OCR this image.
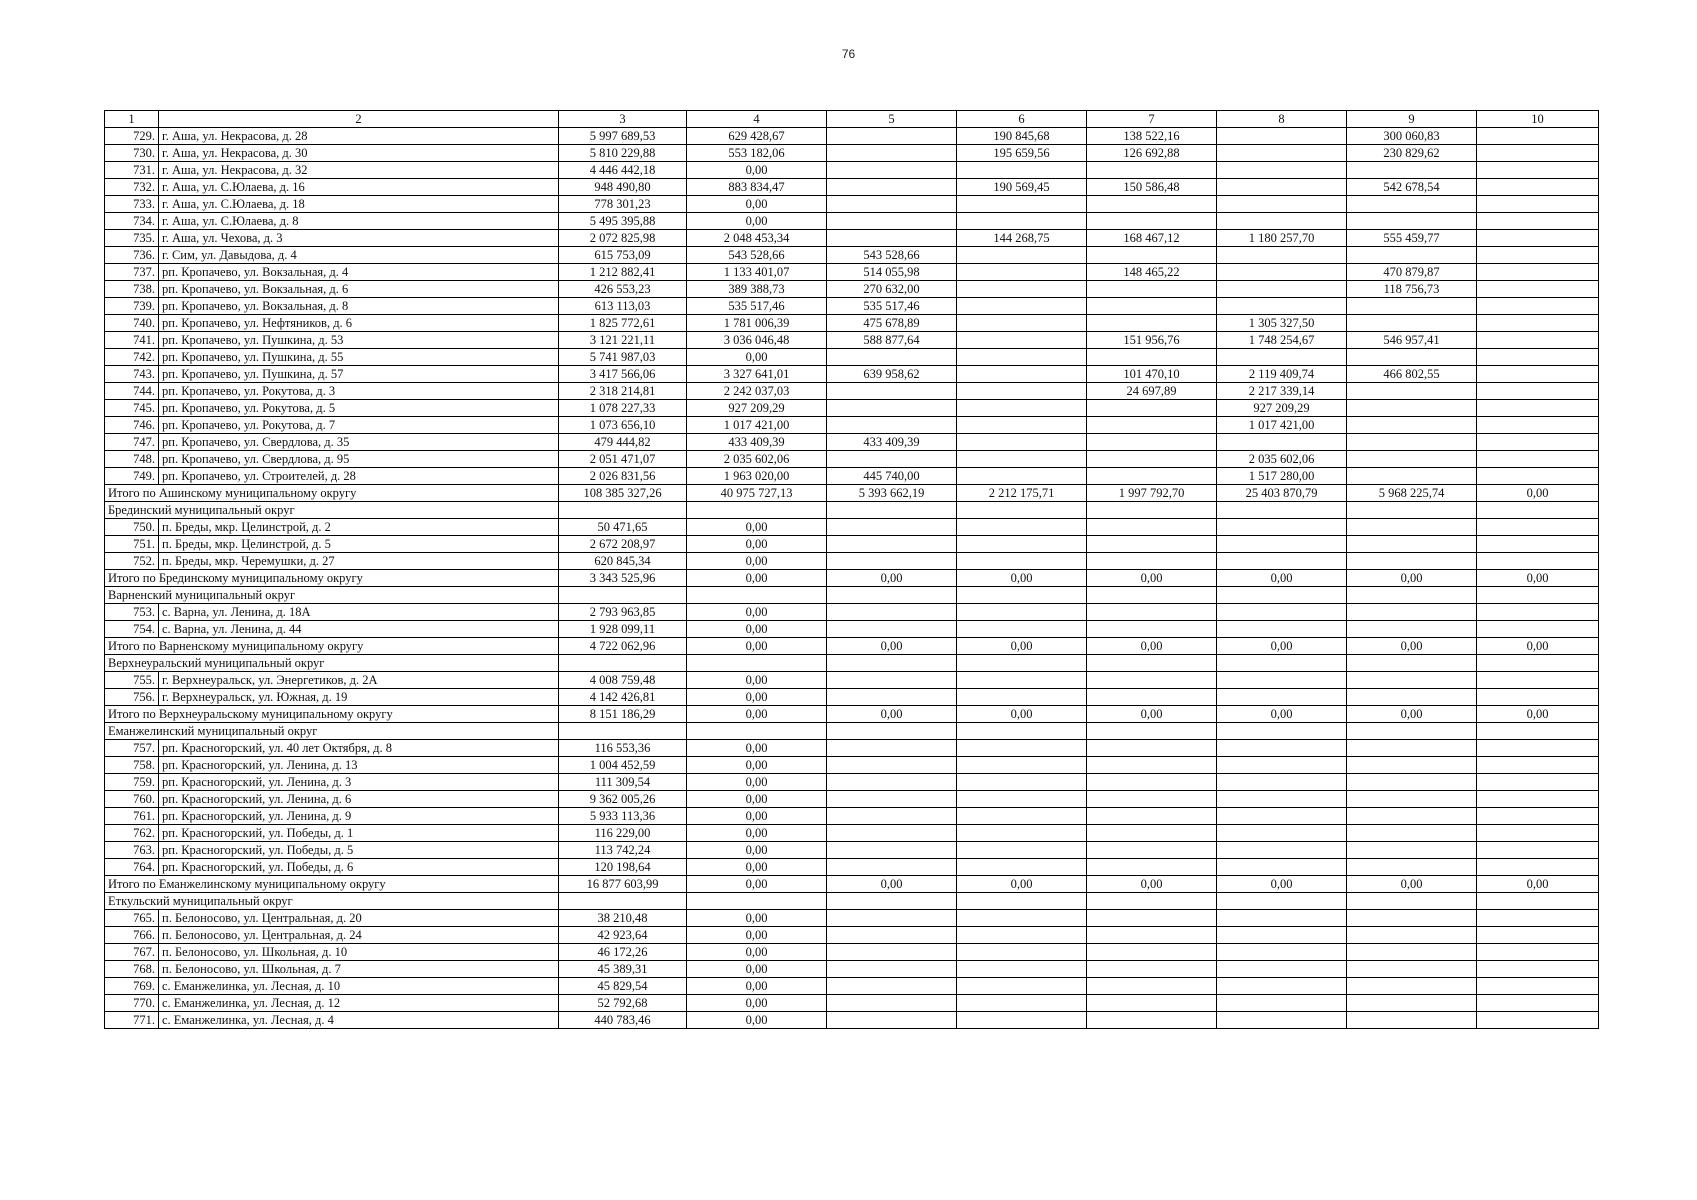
76
1	2	3	4	5	6	7	8	9	10
729.	г. Аша, ул. Некрасова, д. 28	5 997 689,53	629 428,67		190 845,68	138 522,16		300 060,83	
730.	г. Аша, ул. Некрасова, д. 30	5 810 229,88	553 182,06		195 659,56	126 692,88		230 829,62	
731.	г. Аша, ул. Некрасова, д. 32	4 446 442,18	0,00						
732.	г. Аша, ул. С.Юлаева, д. 16	948 490,80	883 834,47		190 569,45	150 586,48		542 678,54	
733.	г. Аша, ул. С.Юлаева, д. 18	778 301,23	0,00						
734.	г. Аша, ул. С.Юлаева, д. 8	5 495 395,88	0,00						
735.	г. Аша, ул. Чехова, д. 3	2 072 825,98	2 048 453,34		144 268,75	168 467,12	1 180 257,70	555 459,77	
736.	г. Сим, ул. Давыдова, д. 4	615 753,09	543 528,66	543 528,66					
737.	рп. Кропачево, ул. Вокзальная, д. 4	1 212 882,41	1 133 401,07	514 055,98		148 465,22		470 879,87	
738.	рп. Кропачево, ул. Вокзальная, д. 6	426 553,23	389 388,73	270 632,00				118 756,73	
739.	рп. Кропачево, ул. Вокзальная, д. 8	613 113,03	535 517,46	535 517,46					
740.	рп. Кропачево, ул. Нефтяников, д. 6	1 825 772,61	1 781 006,39	475 678,89			1 305 327,50		
741.	рп. Кропачево, ул. Пушкина, д. 53	3 121 221,11	3 036 046,48	588 877,64		151 956,76	1 748 254,67	546 957,41	
742.	рп. Кропачево, ул. Пушкина, д. 55	5 741 987,03	0,00						
743.	рп. Кропачево, ул. Пушкина, д. 57	3 417 566,06	3 327 641,01	639 958,62		101 470,10	2 119 409,74	466 802,55	
744.	рп. Кропачево, ул. Рокутова, д. 3	2 318 214,81	2 242 037,03			24 697,89	2 217 339,14		
745.	рп. Кропачево, ул. Рокутова, д. 5	1 078 227,33	927 209,29				927 209,29		
746.	рп. Кропачево, ул. Рокутова, д. 7	1 073 656,10	1 017 421,00				1 017 421,00		
747.	рп. Кропачево, ул. Свердлова, д. 35	479 444,82	433 409,39	433 409,39					
748.	рп. Кропачево, ул. Свердлова, д. 95	2 051 471,07	2 035 602,06				2 035 602,06		
749.	рп. Кропачево, ул. Строителей, д. 28	2 026 831,56	1 963 020,00	445 740,00			1 517 280,00		
Итого по Ашинскому муниципальному округу		108 385 327,26	40 975 727,13	5 393 662,19	2 212 175,71	1 997 792,70	25 403 870,79	5 968 225,74	0,00
Брединский муниципальный округ									
750.	п. Бреды, мкр. Целинстрой, д. 2	50 471,65	0,00						
751.	п. Бреды, мкр. Целинстрой, д. 5	2 672 208,97	0,00						
752.	п. Бреды, мкр. Черемушки, д. 27	620 845,34	0,00						
Итого по Брединскому муниципальному округу		3 343 525,96	0,00	0,00	0,00	0,00	0,00	0,00	0,00
Варненский муниципальный округ									
753.	с. Варна, ул. Ленина, д. 18А	2 793 963,85	0,00						
754.	с. Варна, ул. Ленина, д. 44	1 928 099,11	0,00						
Итого по Варненскому муниципальному округу		4 722 062,96	0,00	0,00	0,00	0,00	0,00	0,00	0,00
Верхнеуральский муниципальный округ									
755.	г. Верхнеуральск, ул. Энергетиков, д. 2А	4 008 759,48	0,00						
756.	г. Верхнеуральск, ул. Южная, д. 19	4 142 426,81	0,00						
Итого по Верхнеуральскому муниципальному округу		8 151 186,29	0,00	0,00	0,00	0,00	0,00	0,00	0,00
Еманжелинский муниципальный округ									
757.	рп. Красногорский, ул. 40 лет Октября, д. 8	116 553,36	0,00						
758.	рп. Красногорский, ул. Ленина, д. 13	1 004 452,59	0,00						
759.	рп. Красногорский, ул. Ленина, д. 3	111 309,54	0,00						
760.	рп. Красногорский, ул. Ленина, д. 6	9 362 005,26	0,00						
761.	рп. Красногорский, ул. Ленина, д. 9	5 933 113,36	0,00						
762.	рп. Красногорский, ул. Победы, д. 1	116 229,00	0,00						
763.	рп. Красногорский, ул. Победы, д. 5	113 742,24	0,00						
764.	рп. Красногорский, ул. Победы, д. 6	120 198,64	0,00						
Итого по Еманжелинскому муниципальному округу		16 877 603,99	0,00	0,00	0,00	0,00	0,00	0,00	0,00
Еткульский муниципальный округ									
765.	п. Белоносово, ул. Центральная, д. 20	38 210,48	0,00						
766.	п. Белоносово, ул. Центральная, д. 24	42 923,64	0,00						
767.	п. Белоносово, ул. Школьная, д. 10	46 172,26	0,00						
768.	п. Белоносово, ул. Школьная, д. 7	45 389,31	0,00						
769.	с. Еманжелинка, ул. Лесная, д. 10	45 829,54	0,00						
770.	с. Еманжелинка, ул. Лесная, д. 12	52 792,68	0,00						
771.	с. Еманжелинка, ул. Лесная, д. 4	440 783,46	0,00						
